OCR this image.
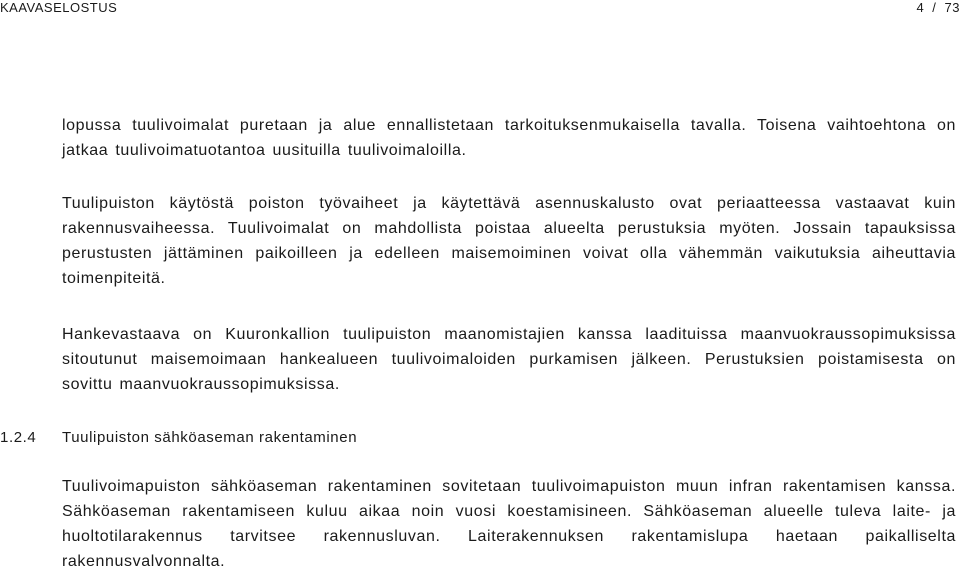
KAAVASELOSTUS	4 / 73

lopussa tuulivoimalat puretaan ja alue ennallistetaan tarkoituksenmukaisella tavalla. Toisena vaihtoehtona on jatkaa tuulivoimatuotantoa uusituilla tuulivoimaloilla.

Tuulipuiston käytöstä poiston työvaiheet ja käytettävä asennuskalusto ovat periaatteessa vastaavat kuin rakennusvaiheessa. Tuulivoimalat on mahdollista poistaa alueelta perustuksia myöten. Jossain tapauksissa perustusten jättäminen paikoilleen ja edelleen maisemoiminen voivat olla vähemmän vaikutuksia aiheuttavia toimenpiteitä.

Hankevastaava on Kuuronkallion tuulipuiston maanomistajien kanssa laadituissa maanvuokraussopimuksissa sitoutunut maisemoimaan hankealueen tuulivoimaloiden purkamisen jälkeen. Perustuksien poistamisesta on sovittu maanvuokraussopimuksissa.

1.2.4	Tuulipuiston sähköaseman rakentaminen

Tuulivoimapuiston sähköaseman rakentaminen sovitetaan tuulivoimapuiston muun infran rakentamisen kanssa. Sähköaseman rakentamiseen kuluu aikaa noin vuosi koestamisineen. Sähköaseman alueelle tuleva laite- ja huoltotilarakennus tarvitsee rakennusluvan. Laiterakennuksen rakentamislupa haetaan paikalliselta rakennusvalvonnalta.
